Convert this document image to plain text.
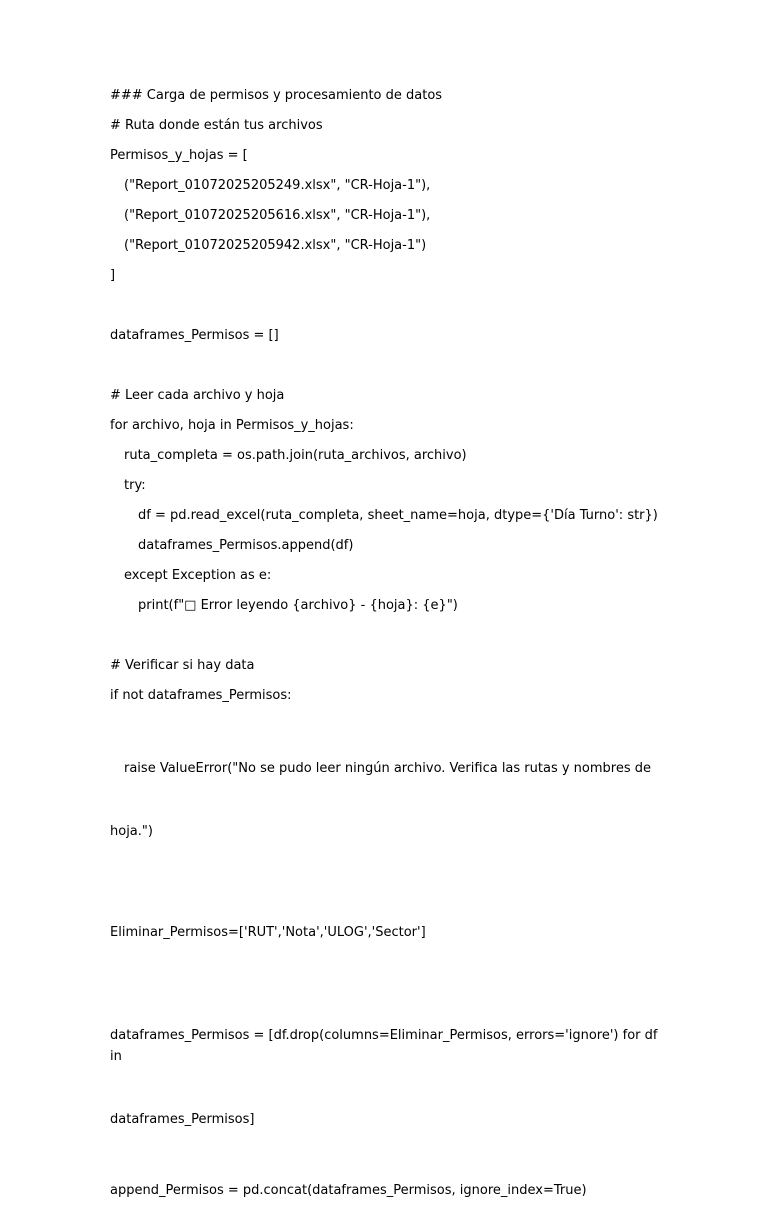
### Carga de permisos y procesamiento de datos
# Ruta donde están tus archivos
Permisos_y_hojas = [
("Report_01072025205249.xlsx", "CR-Hoja-1"),
("Report_01072025205616.xlsx", "CR-Hoja-1"),
("Report_01072025205942.xlsx", "CR-Hoja-1")
]
dataframes_Permisos = []
# Leer cada archivo y hoja
for archivo, hoja in Permisos_y_hojas:
ruta_completa = os.path.join(ruta_archivos, archivo)
try:
df = pd.read_excel(ruta_completa, sheet_name=hoja, dtype={'Día Turno': str})
dataframes_Permisos.append(df)
except Exception as e:
print(f"□ Error leyendo {archivo} - {hoja}: {e}")
# Verificar si hay data
if not dataframes_Permisos:

raise ValueError("No se pudo leer ningún archivo. Verifica las rutas y nombres de

hoja.")

Eliminar_Permisos=['RUT','Nota','ULOG','Sector']

dataframes_Permisos = [df.drop(columns=Eliminar_Permisos, errors='ignore') for df in

dataframes_Permisos]

append_Permisos = pd.concat(dataframes_Permisos, ignore_index=True)
